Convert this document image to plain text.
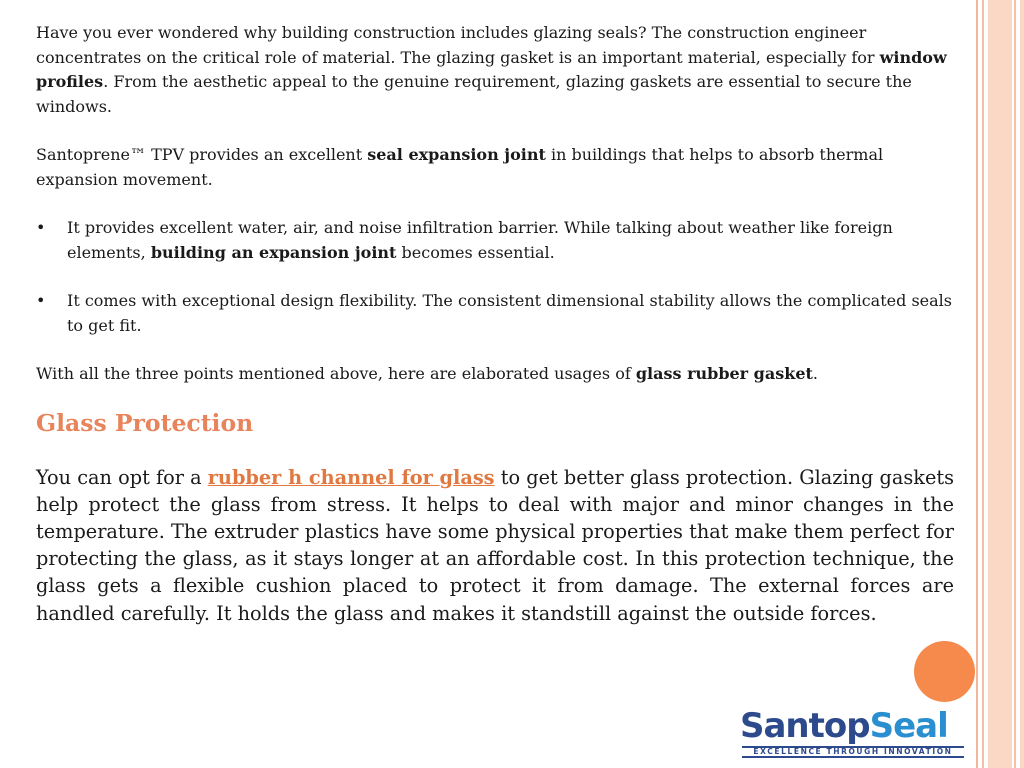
Have you ever wondered why building construction includes glazing seals? The construction engineer concentrates on the critical role of material. The glazing gasket is an important material, especially for window profiles. From the aesthetic appeal to the genuine requirement, glazing gaskets are essential to secure the windows.

Santoprene™ TPV provides an excellent seal expansion joint in buildings that helps to absorb thermal expansion movement.

• It provides excellent water, air, and noise infiltration barrier. While talking about weather like foreign elements, building an expansion joint becomes essential.
• It comes with exceptional design flexibility. The consistent dimensional stability allows the complicated seals to get fit.

With all the three points mentioned above, here are elaborated usages of glass rubber gasket.

Glass Protection

You can opt for a rubber h channel for glass to get better glass protection. Glazing gaskets help protect the glass from stress. It helps to deal with major and minor changes in the temperature. The extruder plastics have some physical properties that make them perfect for protecting the glass, as it stays longer at an affordable cost. In this protection technique, the glass gets a flexible cushion placed to protect it from damage. The external forces are handled carefully. It holds the glass and makes it standstill against the outside forces.

SantopSeal
EXCELLENCE THROUGH INNOVATION
